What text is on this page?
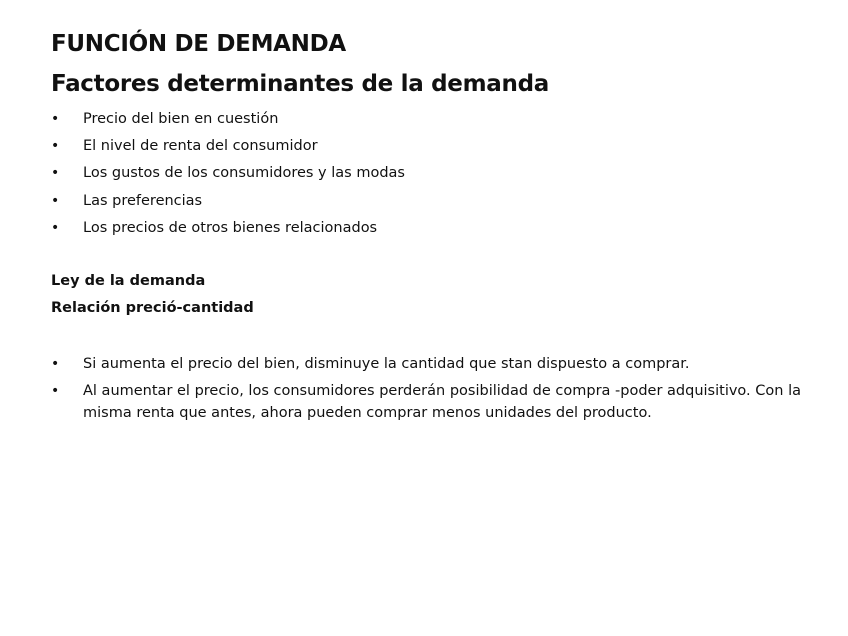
FUNCIÓN DE DEMANDA
Factores determinantes de la demanda
• Precio del bien en cuestión
• El nivel de renta del consumidor
• Los gustos de los consumidores y las modas
• Las preferencias
• Los precios de otros bienes relacionados
Ley de la demanda
Relación preció-cantidad
• Si aumenta el precio del bien, disminuye la cantidad que stan dispuesto a comprar.
• Al aumentar el precio, los consumidores perderán posibilidad de compra -poder adquisitivo. Con la misma renta que antes, ahora pueden comprar menos unidades del producto.
